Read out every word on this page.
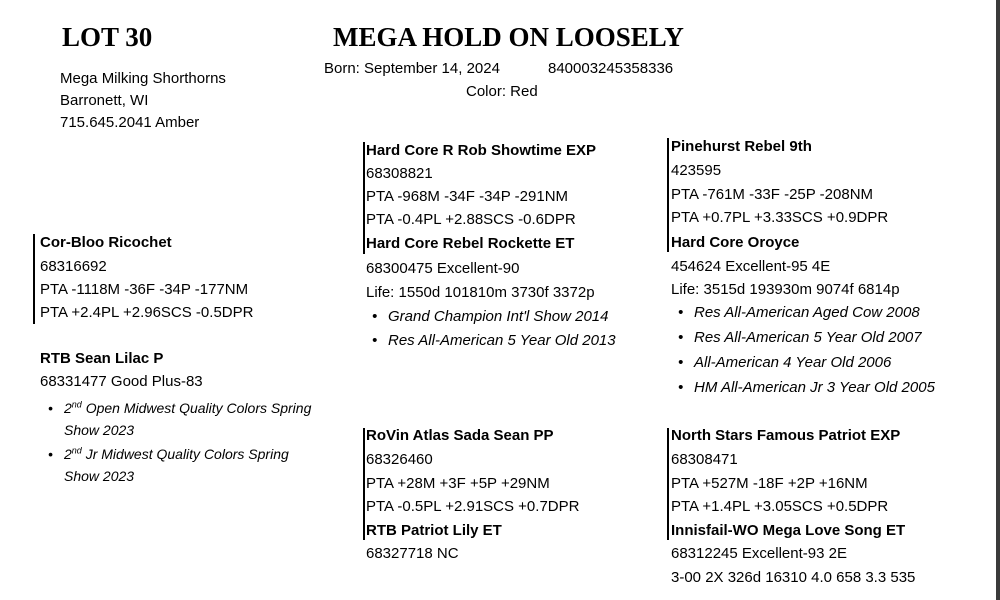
LOT 30	MEGA HOLD ON LOOSELY
Born: September 14, 2024	840003245358336
Color: Red
Mega Milking Shorthorns
Barronett, WI
715.645.2041 Amber
Cor-Bloo Ricochet
68316692
PTA -1118M -36F -34P -177NM
PTA +2.4PL +2.96SCS -0.5DPR
RTB Sean Lilac P
68331477 Good Plus-83
• 2nd Open Midwest Quality Colors Spring
Show 2023
• 2nd Jr Midwest Quality Colors Spring
Show 2023
Hard Core R Rob Showtime EXP
68308821
PTA -968M -34F -34P -291NM
PTA -0.4PL +2.88SCS -0.6DPR
Hard Core Rebel Rockette ET
68300475 Excellent-90
Life: 1550d 101810m 3730f 3372p
• Grand Champion Int'l Show 2014
• Res All-American 5 Year Old 2013
Pinehurst Rebel 9th
423595
PTA -761M -33F -25P -208NM
PTA +0.7PL +3.33SCS +0.9DPR
Hard Core Oroyce
454624 Excellent-95 4E
Life: 3515d 193930m 9074f 6814p
• Res All-American Aged Cow 2008
• Res All-American 5 Year Old 2007
• All-American 4 Year Old 2006
• HM All-American Jr 3 Year Old 2005
RoVin Atlas Sada Sean PP
68326460
PTA +28M +3F +5P +29NM
PTA -0.5PL +2.91SCS +0.7DPR
RTB Patriot Lily ET
68327718 NC
North Stars Famous Patriot EXP
68308471
PTA +527M -18F +2P +16NM
PTA +1.4PL +3.05SCS +0.5DPR
Innisfail-WO Mega Love Song ET
68312245 Excellent-93 2E
3-00 2X 326d 16310 4.0 658 3.3 535
